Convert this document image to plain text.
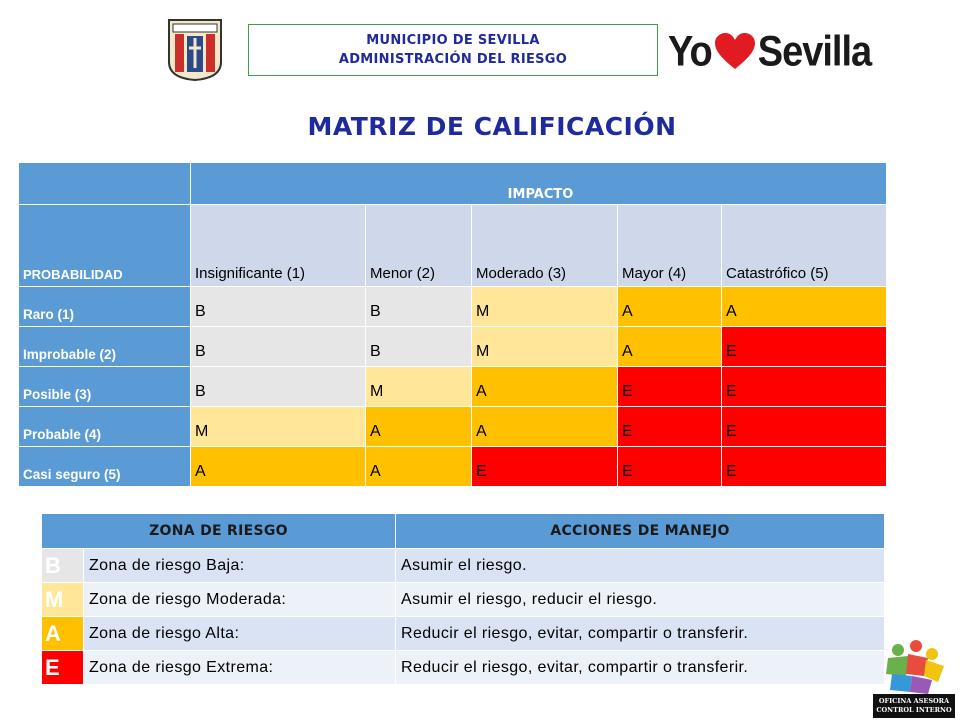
MUNICIPIO DE SEVILLA
ADMINISTRACIÓN DEL RIESGO	Yo Sevilla
MATRIZ DE CALIFICACIÓN
	IMPACTO				
PROBABILIDAD	Insignificante (1)	Menor (2)	Moderado (3)	Mayor (4)	Catastrófico (5)
Raro (1)	B	B	M	A	A
Improbable (2)	B	B	M	A	E
Posible (3)	B	M	A	E	E
Probable (4)	M	A	A	E	E
Casi seguro (5)	A	A	E	E	E
ZONA DE RIESGO		ACCIONES DE MANEJO
B	Zona de riesgo Baja:	Asumir el riesgo.
M	Zona de riesgo Moderada:	Asumir el riesgo, reducir el riesgo.
A	Zona de riesgo Alta:	Reducir el riesgo, evitar, compartir o transferir.
E	Zona de riesgo Extrema:	Reducir el riesgo, evitar, compartir o transferir.
OFICINA ASESORA
CONTROL INTERNO
